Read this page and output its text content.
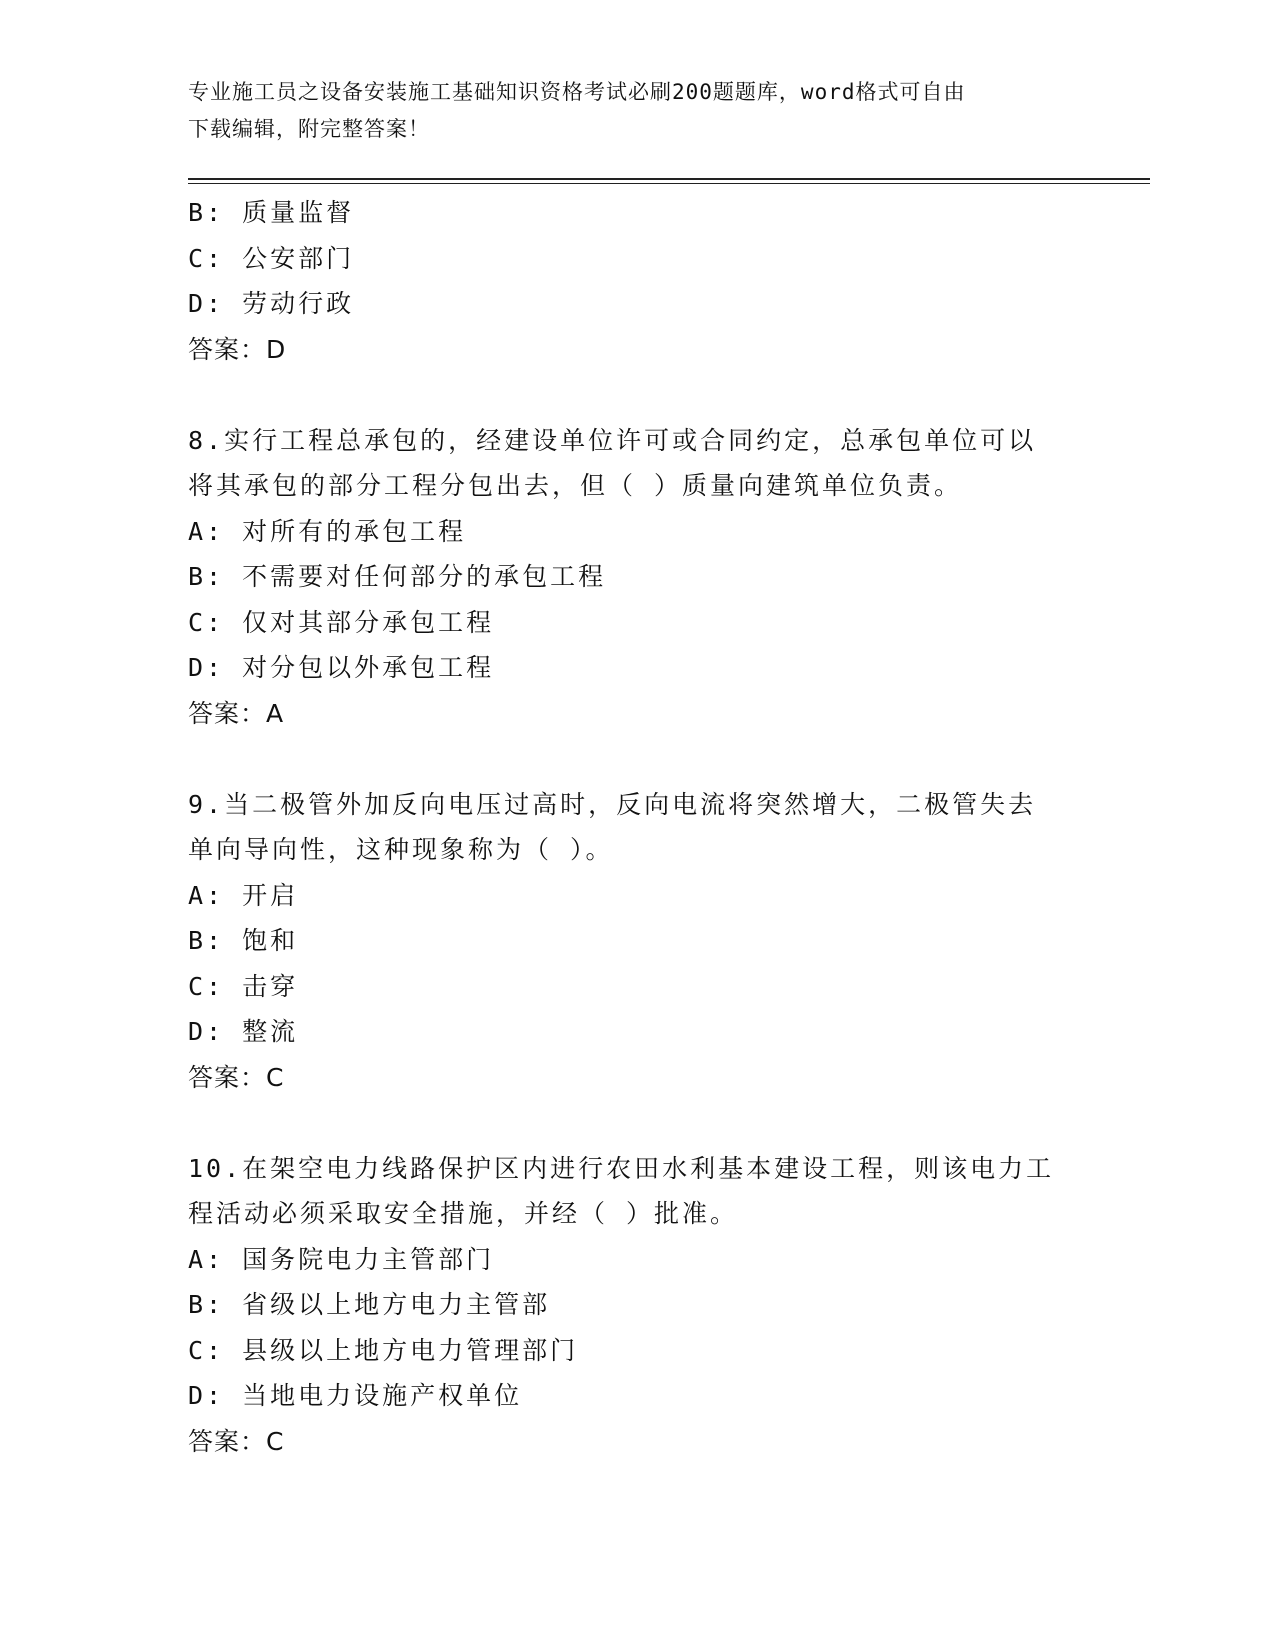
专业施工员之设备安装施工基础知识资格考试必刷200题题库，word格式可自由
下载编辑，附完整答案！
B: 质量监督
C: 公安部门
D: 劳动行政
答案：D
8.实行工程总承包的，经建设单位许可或合同约定，总承包单位可以
将其承包的部分工程分包出去，但（ ）质量向建筑单位负责。
A: 对所有的承包工程
B: 不需要对任何部分的承包工程
C: 仅对其部分承包工程
D: 对分包以外承包工程
答案：A
9.当二极管外加反向电压过高时，反向电流将突然增大，二极管失去
单向导向性，这种现象称为（ ）。
A: 开启
B: 饱和
C: 击穿
D: 整流
答案：C
10.在架空电力线路保护区内进行农田水利基本建设工程，则该电力工
程活动必须采取安全措施，并经（ ）批准。
A: 国务院电力主管部门
B: 省级以上地方电力主管部
C: 县级以上地方电力管理部门
D: 当地电力设施产权单位
答案：C
